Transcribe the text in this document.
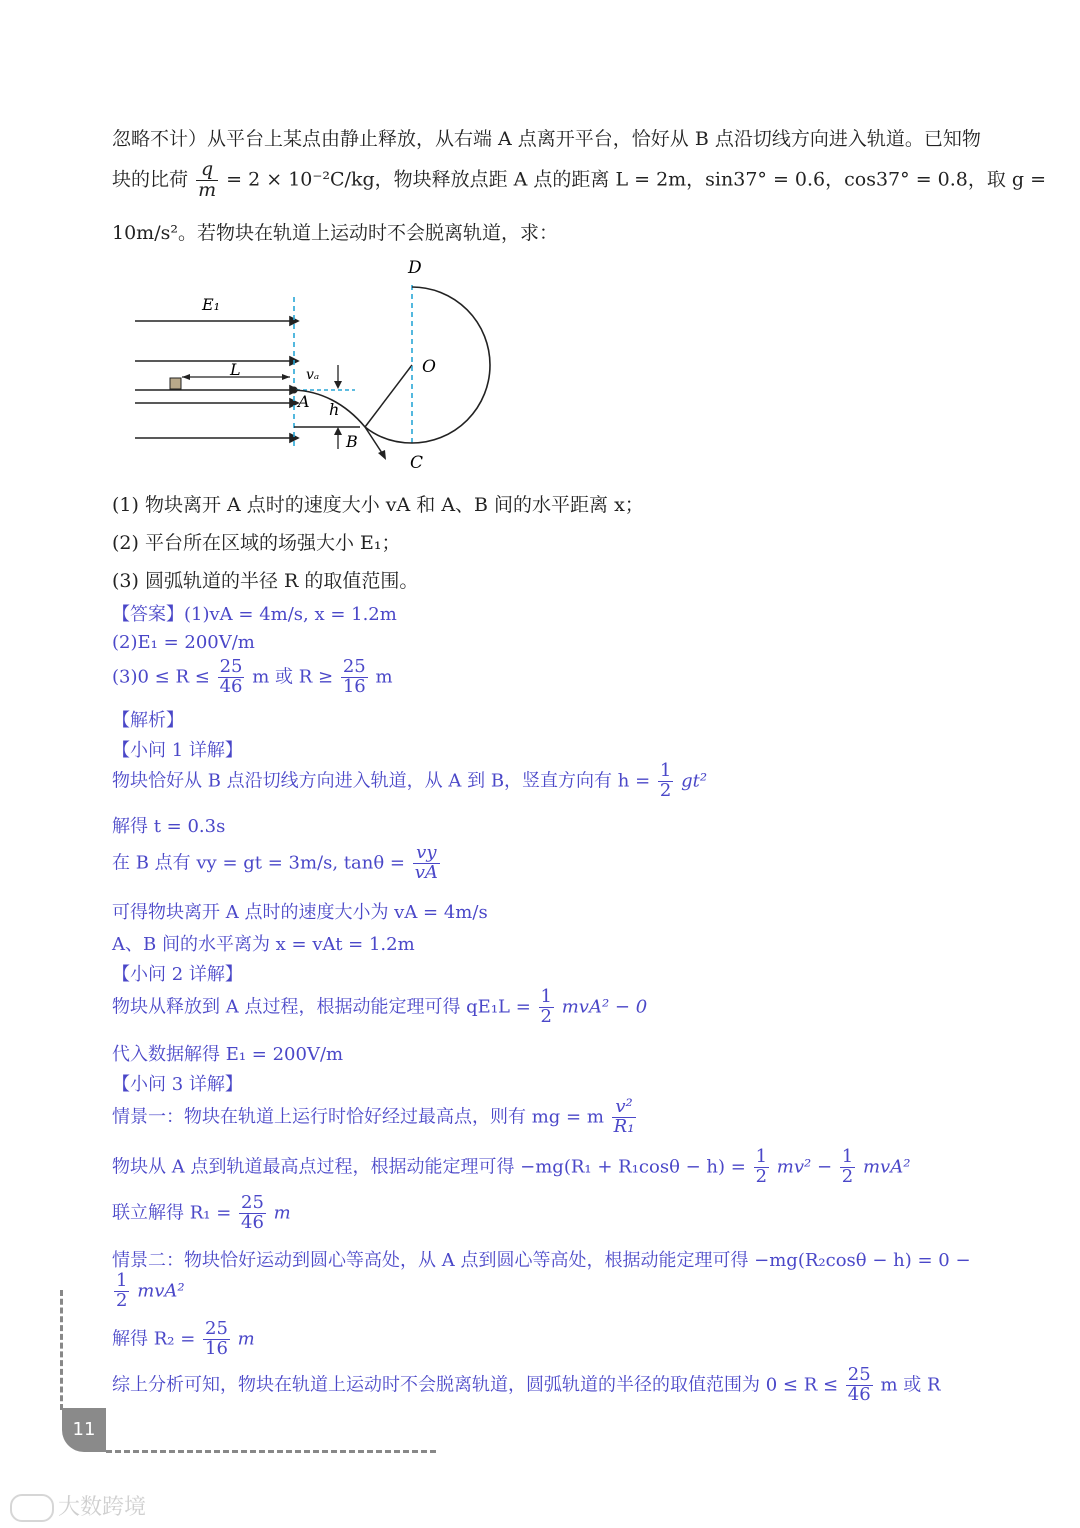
忽略不计）从平台上某点由静止释放，从右端 A 点离开平台，恰好从 B 点沿切线方向进入轨道。已知物
块的比荷 $\frac{q}{m} = 2 \times 10^{-2}C/kg$，物块释放点距 A 点的距离 L = 2m，sin37° = 0.6，cos37° = 0.8，取 g =
10m/s²。若物块在轨道上运动时不会脱离轨道，求：
D
O
E₁
L	vₐ
A h
B
C
(1) 物块离开 A 点时的速度大小 vA 和 A、B 间的水平距离 x；
(2) 平台所在区域的场强大小 E₁；
(3) 圆弧轨道的半径 R 的取值范围。
【答案】(1)vA = 4m/s, x = 1.2m
(2)E₁ = 200V/m
$(3)0 \le R \le \frac{25}{46}$ m 或 $R \ge \frac{25}{16}$ m
【解析】
【小问 1 详解】
物块恰好从 B 点沿切线方向进入轨道，从 A 到 B，竖直方向有 $h = \frac{1}{2} gt^2$
解得 t = 0.3s
在 B 点有 vy = gt = 3m/s, $\tan\theta = \frac{vy}{vA}$
可得物块离开 A 点时的速度大小为 vA = 4m/s
A、B 间的水平离为 x = vAt = 1.2m
【小问 2 详解】
物块从释放到 A 点过程，根据动能定理可得 $qE_1L = \frac{1}{2} mvA^2 - 0$
代入数据解得 E₁ = 200V/m
【小问 3 详解】
情景一：物块在轨道上运行时恰好经过最高点，则有 mg = m $\frac{\text{v²}}{\text{R₁}}$
物块从 A 点到轨道最高点过程，根据动能定理可得 $-mg(R_1 + R_1\cos\theta - h) = \frac{1}{2} mv^2 - \frac{1}{2} mvA^2$
联立解得 $R_1 = \frac{25}{46}$ m
情景二：物块恰好运动到圆心等高处，从 A 点到圆心等高处，根据动能定理可得 −mg(R₂cosθ − h) = 0 −
$\frac{1}{2} mvA^2$
解得 $R_2 = \frac{25}{16}$ m
综上分析可知，物块在轨道上运动时不会脱离轨道，圆弧轨道的半径的取值范围为 $0 \le R \le \frac{25}{46}$ m 或 R
11
大数跨境
